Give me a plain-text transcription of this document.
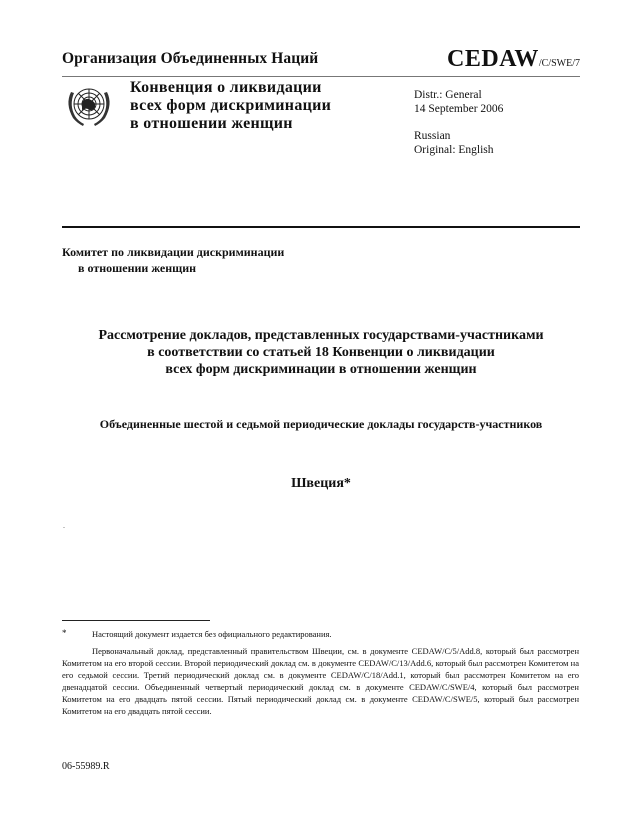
Организация Объединенных Наций	CEDAW/C/SWE/7
Конвенция о ликвидации
всех форм дискриминации
в отношении женщин
Distr.: General
14 September 2006
Russian
Original: English
Комитет по ликвидации дискриминации
в отношении женщин
Рассмотрение докладов, представленных государствами-участниками
в соответствии со статьей 18 Конвенции о ликвидации
всех форм дискриминации в отношении женщин
Объединенные шестой и седьмой периодические доклады государств-участников
Швеция*
.
*	Настоящий документ издается без официального редактирования.
Первоначальный доклад, представленный правительством Швеции, см. в документе CEDAW/C/5/Add.8, который был рассмотрен Комитетом на его второй сессии. Второй периодический доклад см. в документе CEDAW/C/13/Add.6, который был рассмотрен Комитетом на его седьмой сессии. Третий периодический доклад см. в документе CEDAW/C/18/Add.1, который был рассмотрен Комитетом на его двенадцатой сессии. Объединенный четвертый периодический доклад см. в документе CEDAW/C/SWE/4, который был рассмотрен Комитетом на его двадцать пятой сессии. Пятый периодический доклад см. в документе CEDAW/C/SWE/5, который был рассмотрен Комитетом на его двадцать пятой сессии.
06-55989.R
